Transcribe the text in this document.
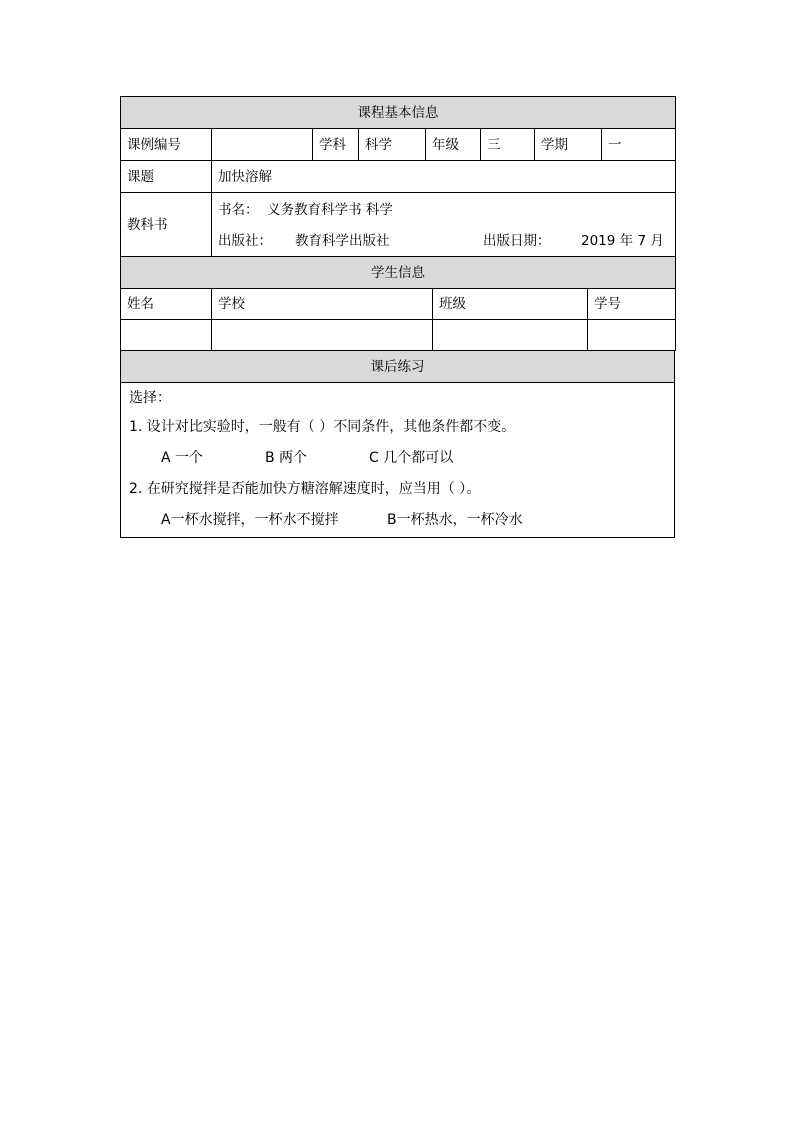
课程基本信息							
课例编号		学科	科学	年级	三	学期	一
课题	加快溶解						
教科书	书名： 义务教育科学书 科学
出版社： 教育科学出版社 出版日期： 2019 年 7 月						
学生信息			
姓名	学校	班级	学号

课后练习

选择：
1. 设计对比实验时，一般有（ ）不同条件，其他条件都不变。
A 一个	B 两个	C 几个都可以
2. 在研究搅拌是否能加快方糖溶解速度时，应当用（ ）。
A一杯水搅拌，一杯水不搅拌	B一杯热水，一杯冷水
